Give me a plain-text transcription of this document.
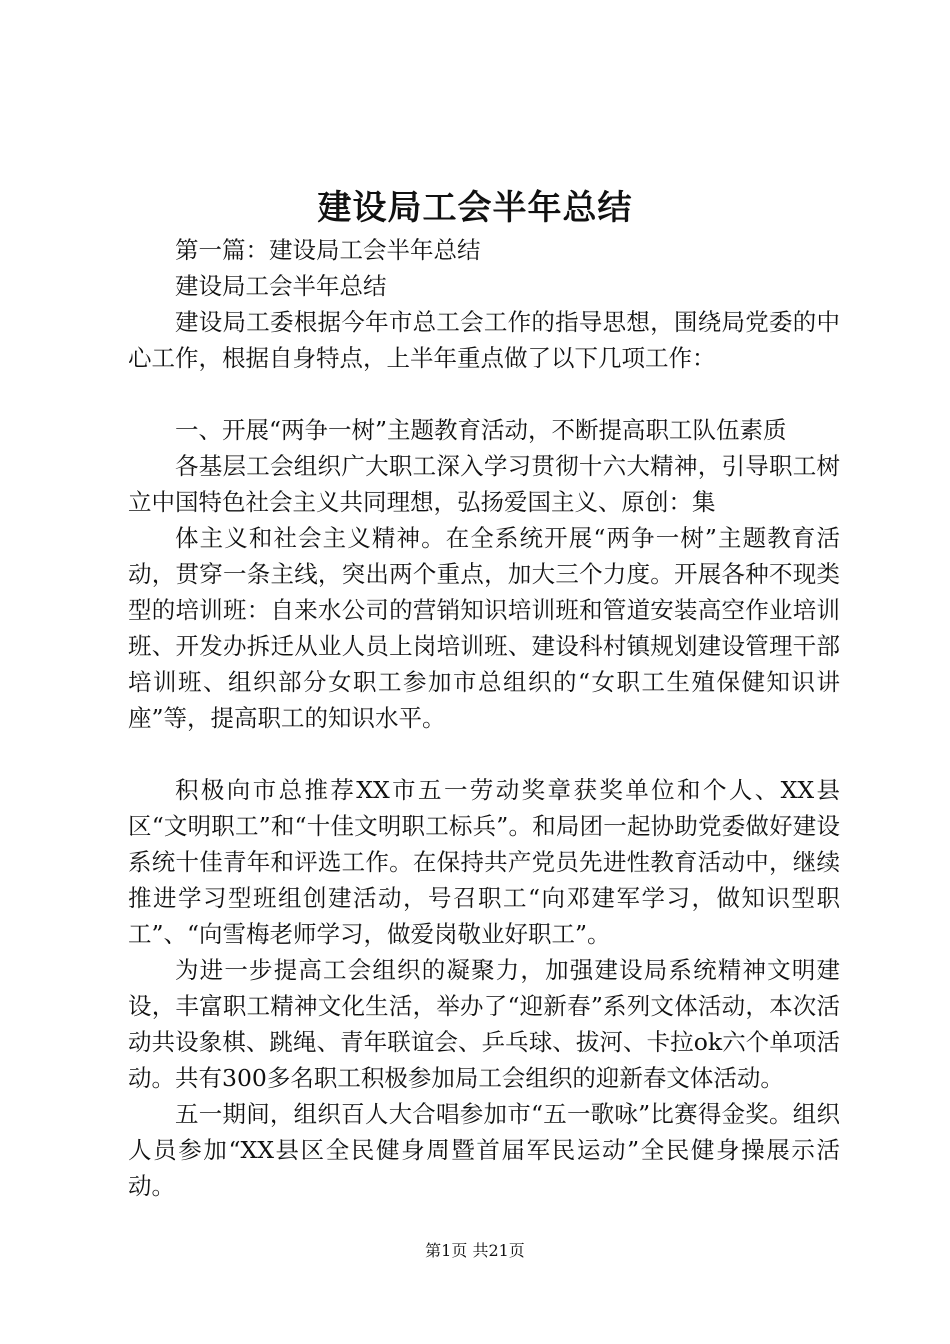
建设局工会半年总结

第一篇：建设局工会半年总结

建设局工会半年总结

建设局工委根据今年市总工会工作的指导思想，围绕局党委的中心工作，根据自身特点，上半年重点做了以下几项工作：

一、开展“两争一树”主题教育活动，不断提高职工队伍素质

各基层工会组织广大职工深入学习贯彻十六大精神，引导职工树立中国特色社会主义共同理想，弘扬爱国主义、原创：集

体主义和社会主义精神。在全系统开展“两争一树”主题教育活动，贯穿一条主线，突出两个重点，加大三个力度。开展各种不现类型的培训班：自来水公司的营销知识培训班和管道安装高空作业培训班、开发办拆迁从业人员上岗培训班、建设科村镇规划建设管理干部培训班、组织部分女职工参加市总组织的“女职工生殖保健知识讲座”等，提高职工的知识水平。

积极向市总推荐XX市五一劳动奖章获奖单位和个人、XX县区“文明职工”和“十佳文明职工标兵”。和局团一起协助党委做好建设系统十佳青年和评选工作。在保持共产党员先进性教育活动中，继续推进学习型班组创建活动，号召职工“向邓建军学习，做知识型职工”、“向雪梅老师学习，做爱岗敬业好职工”。

为进一步提高工会组织的凝聚力，加强建设局系统精神文明建设，丰富职工精神文化生活，举办了“迎新春”系列文体活动，本次活动共设象棋、跳绳、青年联谊会、乒乓球、拔河、卡拉ok六个单项活动。共有300多名职工积极参加局工会组织的迎新春文体活动。

五一期间，组织百人大合唱参加市“五一歌咏”比赛得金奖。组织人员参加“XX县区全民健身周暨首届军民运动”全民健身操展示活动。

第1页 共21页
